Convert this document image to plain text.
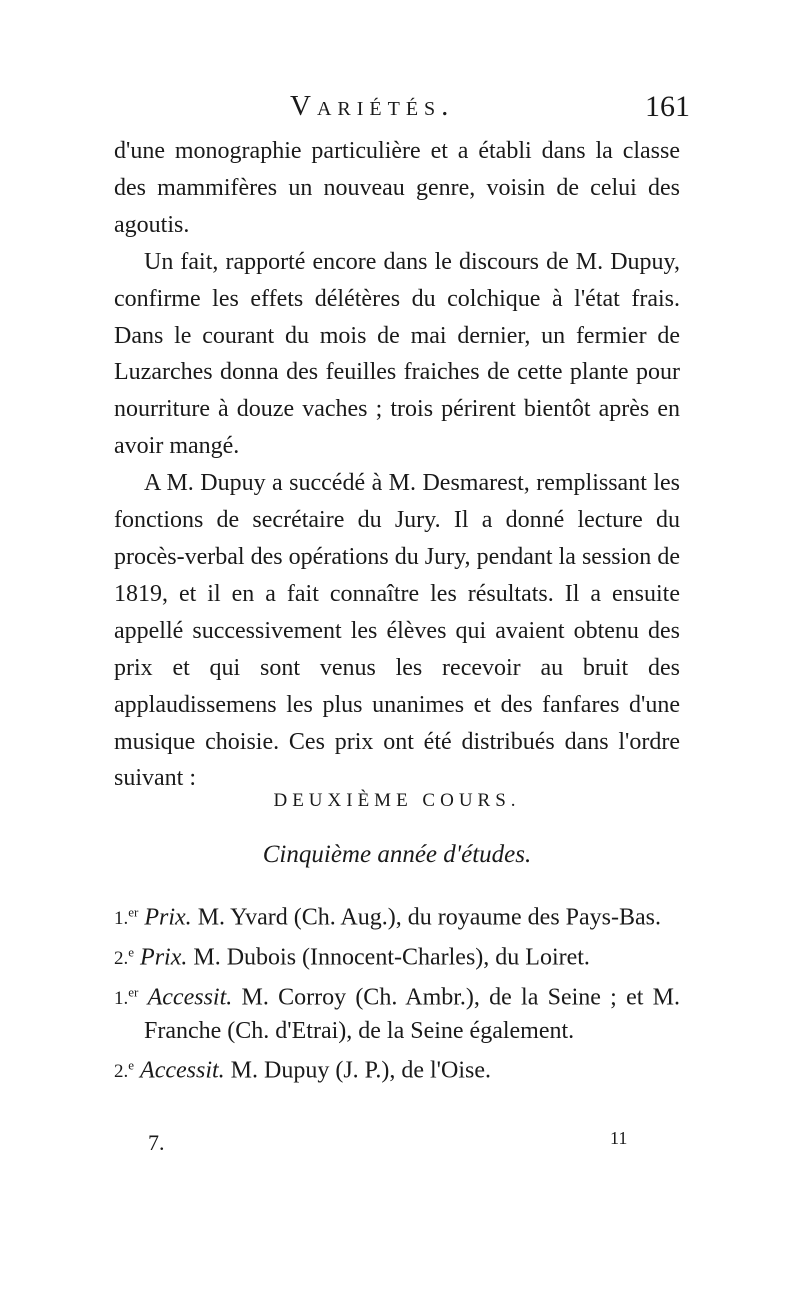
Variétés.	161

d'une monographie particulière et a établi dans la classe des mammifères un nouveau genre, voisin de celui des agoutis.

Un fait, rapporté encore dans le discours de M. Dupuy, confirme les effets délétères du colchique à l'état frais. Dans le courant du mois de mai dernier, un fermier de Luzarches donna des feuilles fraiches de cette plante pour nourriture à douze vaches ; trois périrent bientôt après en avoir mangé.

A M. Dupuy a succédé à M. Desmarest, remplissant les fonctions de secrétaire du Jury. Il a donné lecture du procès-verbal des opérations du Jury, pendant la session de 1819, et il en a fait connaître les résultats. Il a ensuite appellé successivement les élèves qui avaient obtenu des prix et qui sont venus les recevoir au bruit des applaudissemens les plus unanimes et des fanfares d'une musique choisie. Ces prix ont été distribués dans l'ordre suivant :

DEUXIÈME COURS.
Cinquième année d'études.
1.$^{er}$ Prix. M. Yvard (Ch. Aug.), du royaume des Pays-Bas.
2.$^e$ Prix. M. Dubois (Innocent-Charles), du Loiret.
1.$^{er}$ Accessit. M. Corroy (Ch. Ambr.), de la Seine ; et M. Franche (Ch. d'Etrai), de la Seine également.
2.$^e$ Accessit. M. Dupuy (J. P.), de l'Oise.
7.	11
